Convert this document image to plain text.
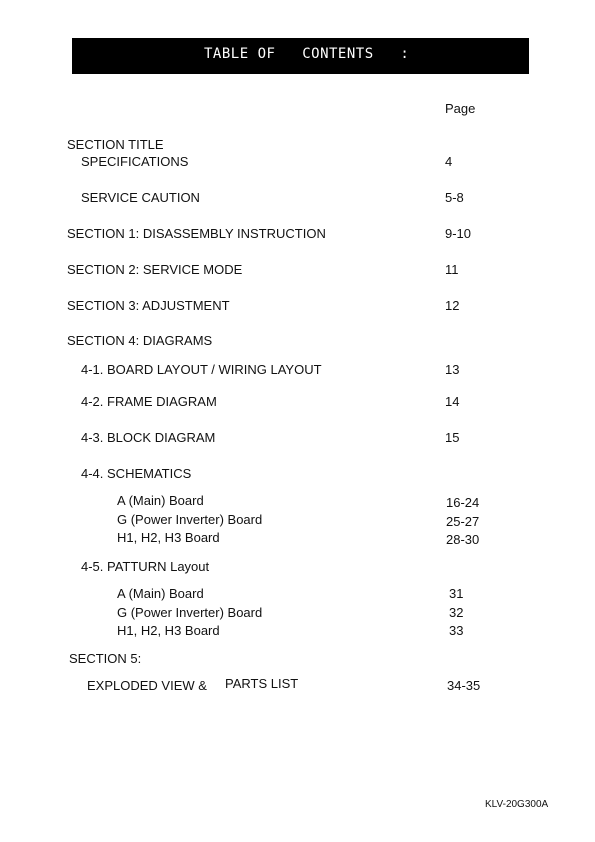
TABLE OF   CONTENTS   :
Page
SECTION TITLE
SPECIFICATIONS	4
SERVICE CAUTION	5-8
SECTION 1: DISASSEMBLY INSTRUCTION	9-10
SECTION 2: SERVICE MODE	11
SECTION 3: ADJUSTMENT	12
SECTION 4: DIAGRAMS
4-1. BOARD LAYOUT / WIRING LAYOUT	13
4-2. FRAME DIAGRAM	14
4-3. BLOCK DIAGRAM	15
4-4. SCHEMATICS
A (Main) Board	16-24
G (Power Inverter) Board	25-27
H1, H2, H3 Board	28-30
4-5. PATTURN Layout
A (Main) Board	31
G (Power Inverter) Board	32
H1, H2, H3 Board	33
SECTION 5:
EXPLODED VIEW & PARTS LIST	34-35
KLV-20G300A
